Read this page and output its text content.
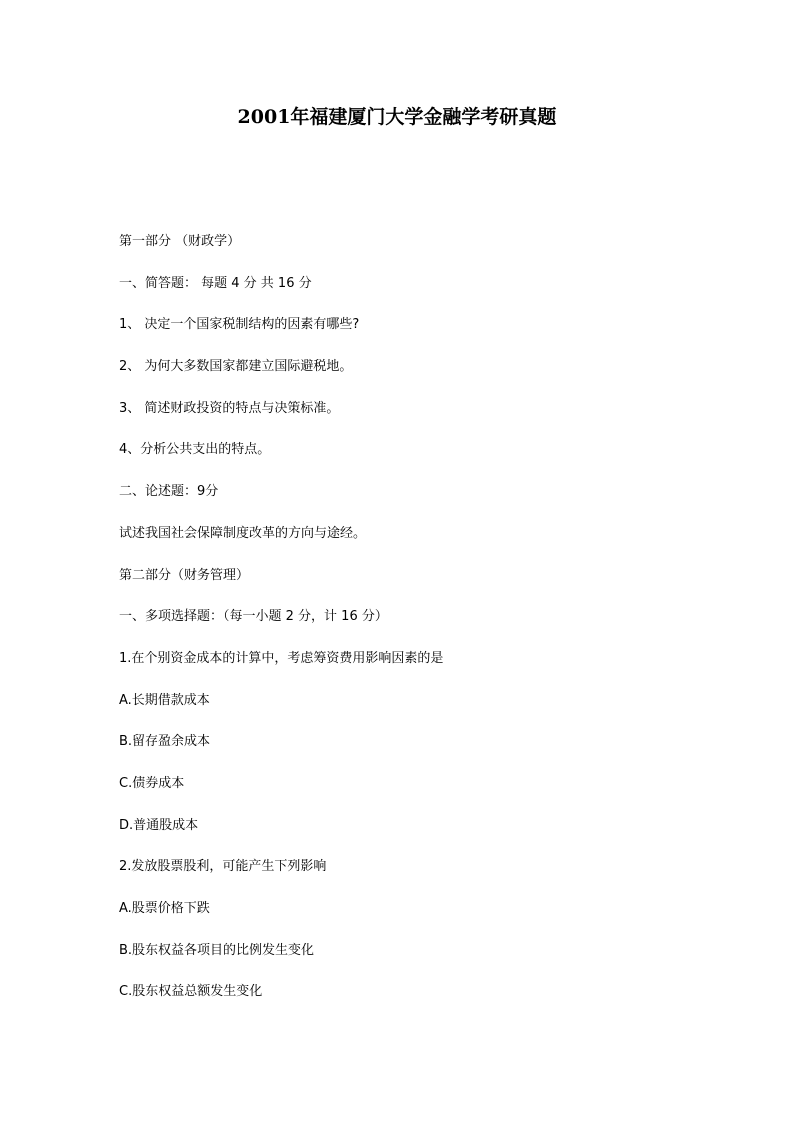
2001年福建厦门大学金融学考研真题
第一部分 （财政学）
一、简答题： 每题 4 分 共 16 分
1、 决定一个国家税制结构的因素有哪些?
2、 为何大多数国家都建立国际避税地。
3、 简述财政投资的特点与决策标准。
4、分析公共支出的特点。
二、论述题：9分
试述我国社会保障制度改革的方向与途经。
第二部分（财务管理）
一、多项选择题：（每一小题 2 分，计 16 分）
1.在个别资金成本的计算中，考虑筹资费用影响因素的是
A.长期借款成本
B.留存盈余成本
C.债券成本
D.普通股成本
2.发放股票股利，可能产生下列影响
A.股票价格下跌
B.股东权益各项目的比例发生变化
C.股东权益总额发生变化
